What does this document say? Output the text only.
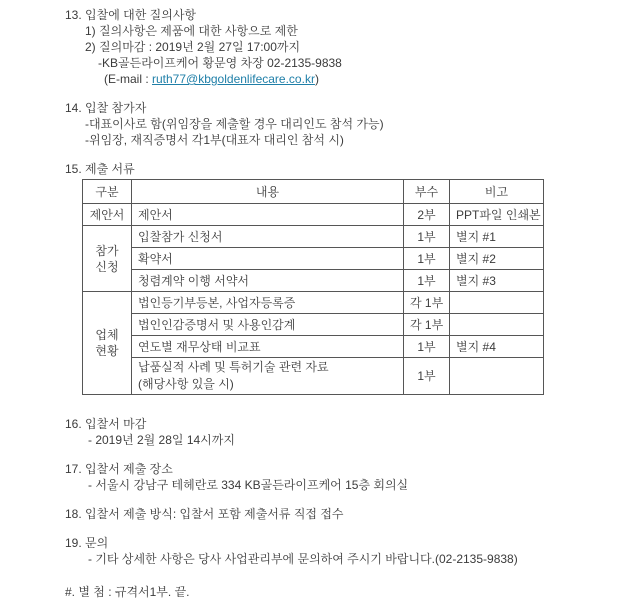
13. 입찰에 대한 질의사항
1) 질의사항은 제품에 대한 사항으로 제한
2) 질의마감 : 2019년 2월 27일 17:00까지
-KB골든라이프케어 황문영 차장 02-2135-9838
(E-mail : ruth77@kbgoldenlifecare.co.kr)
14. 입찰 참가자
-대표이사로 함(위임장을 제출할 경우 대리인도 참석 가능)
-위임장, 재직증명서 각1부(대표자 대리인 참석 시)
15. 제출 서류
구분	내용	부수	비고
제안서	제안서	2부	PPT파일 인쇄본
참가
신청	입찰참가 신청서	1부	별지 #1
	확약서	1부	별지 #2
	청렴계약 이행 서약서	1부	별지 #3
업체
현황	법인등기부등본, 사업자등록증	각 1부	
	법인인감증명서 및 사용인감계	각 1부	
	연도별 재무상태 비교표	1부	별지 #4

	납품실적 사례 및 특허기술 관련 자료
(해당사항 있을 시)	1부	
16. 입찰서 마감
- 2019년 2월 28일 14시까지
17. 입찰서 제출 장소
- 서울시 강남구 테헤란로 334 KB골든라이프케어 15층 회의실
18. 입찰서 제출 방식: 입찰서 포함 제출서류 직접 접수
19. 문의
- 기타 상세한 사항은 당사 사업관리부에 문의하여 주시기 바랍니다.(02-2135-9838)
#. 별 첨 : 규격서1부. 끝.
